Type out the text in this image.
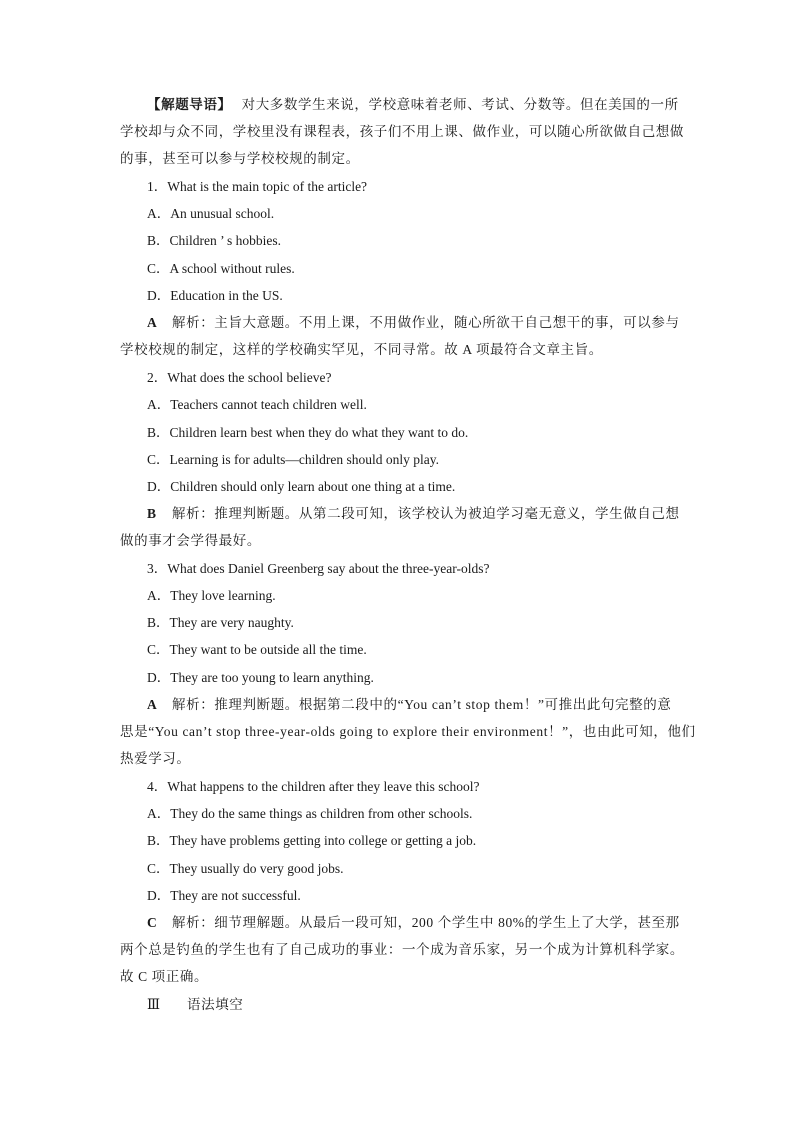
【解题导语】 对大多数学生来说，学校意味着老师、考试、分数等。但在美国的一所
学校却与众不同，学校里没有课程表，孩子们不用上课、做作业，可以随心所欲做自己想做
的事，甚至可以参与学校校规的制定。
1．What is the main topic of the article?
A．An unusual school.
B．Children ’ s hobbies.
C．A school without rules.
D．Education in the US.
A 解析：主旨大意题。不用上课，不用做作业，随心所欲干自己想干的事，可以参与
学校校规的制定，这样的学校确实罕见，不同寻常。故 A 项最符合文章主旨。
2．What does the school believe?
A．Teachers cannot teach children well.
B．Children learn best when they do what they want to do.
C．Learning is for adults—children should only play.
D．Children should only learn about one thing at a time.
B 解析：推理判断题。从第二段可知，该学校认为被迫学习毫无意义，学生做自己想
做的事才会学得最好。
3．What does Daniel Greenberg say about the three-year-olds?
A．They love learning.
B．They are very naughty.
C．They want to be outside all the time.
D．They are too young to learn anything.
A 解析：推理判断题。根据第二段中的“You can’t stop them！”可推出此句完整的意
思是“You can’t stop three-year-olds going to explore their environment！”，也由此可知，他们
热爱学习。
4．What happens to the children after they leave this school?
A．They do the same things as children from other schools.
B．They have problems getting into college or getting a job.
C．They usually do very good jobs.
D．They are not successful.
C 解析：细节理解题。从最后一段可知，200 个学生中 80%的学生上了大学，甚至那
两个总是钓鱼的学生也有了自己成功的事业：一个成为音乐家，另一个成为计算机科学家。
故 C 项正确。
Ⅲ 语法填空
